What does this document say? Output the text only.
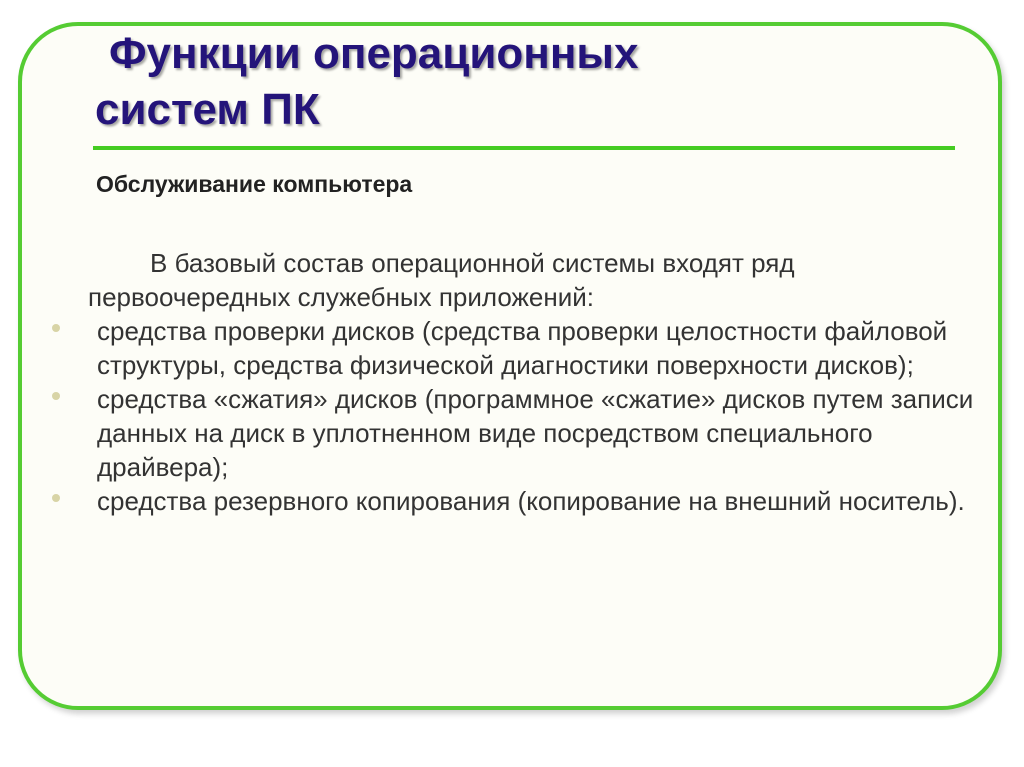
Функции операционных
систем ПК
Обслуживание компьютера

В базовый состав операционной системы входят ряд первоочередных служебных приложений:

средства проверки дисков (средства проверки целостности файловой структуры, средства физической диагностики поверхности дисков);
средства «сжатия» дисков (программное «сжатие» дисков путем записи данных на диск в уплотненном виде посредством специального драйвера);
средства резервного копирования (копирование на внешний носитель).
